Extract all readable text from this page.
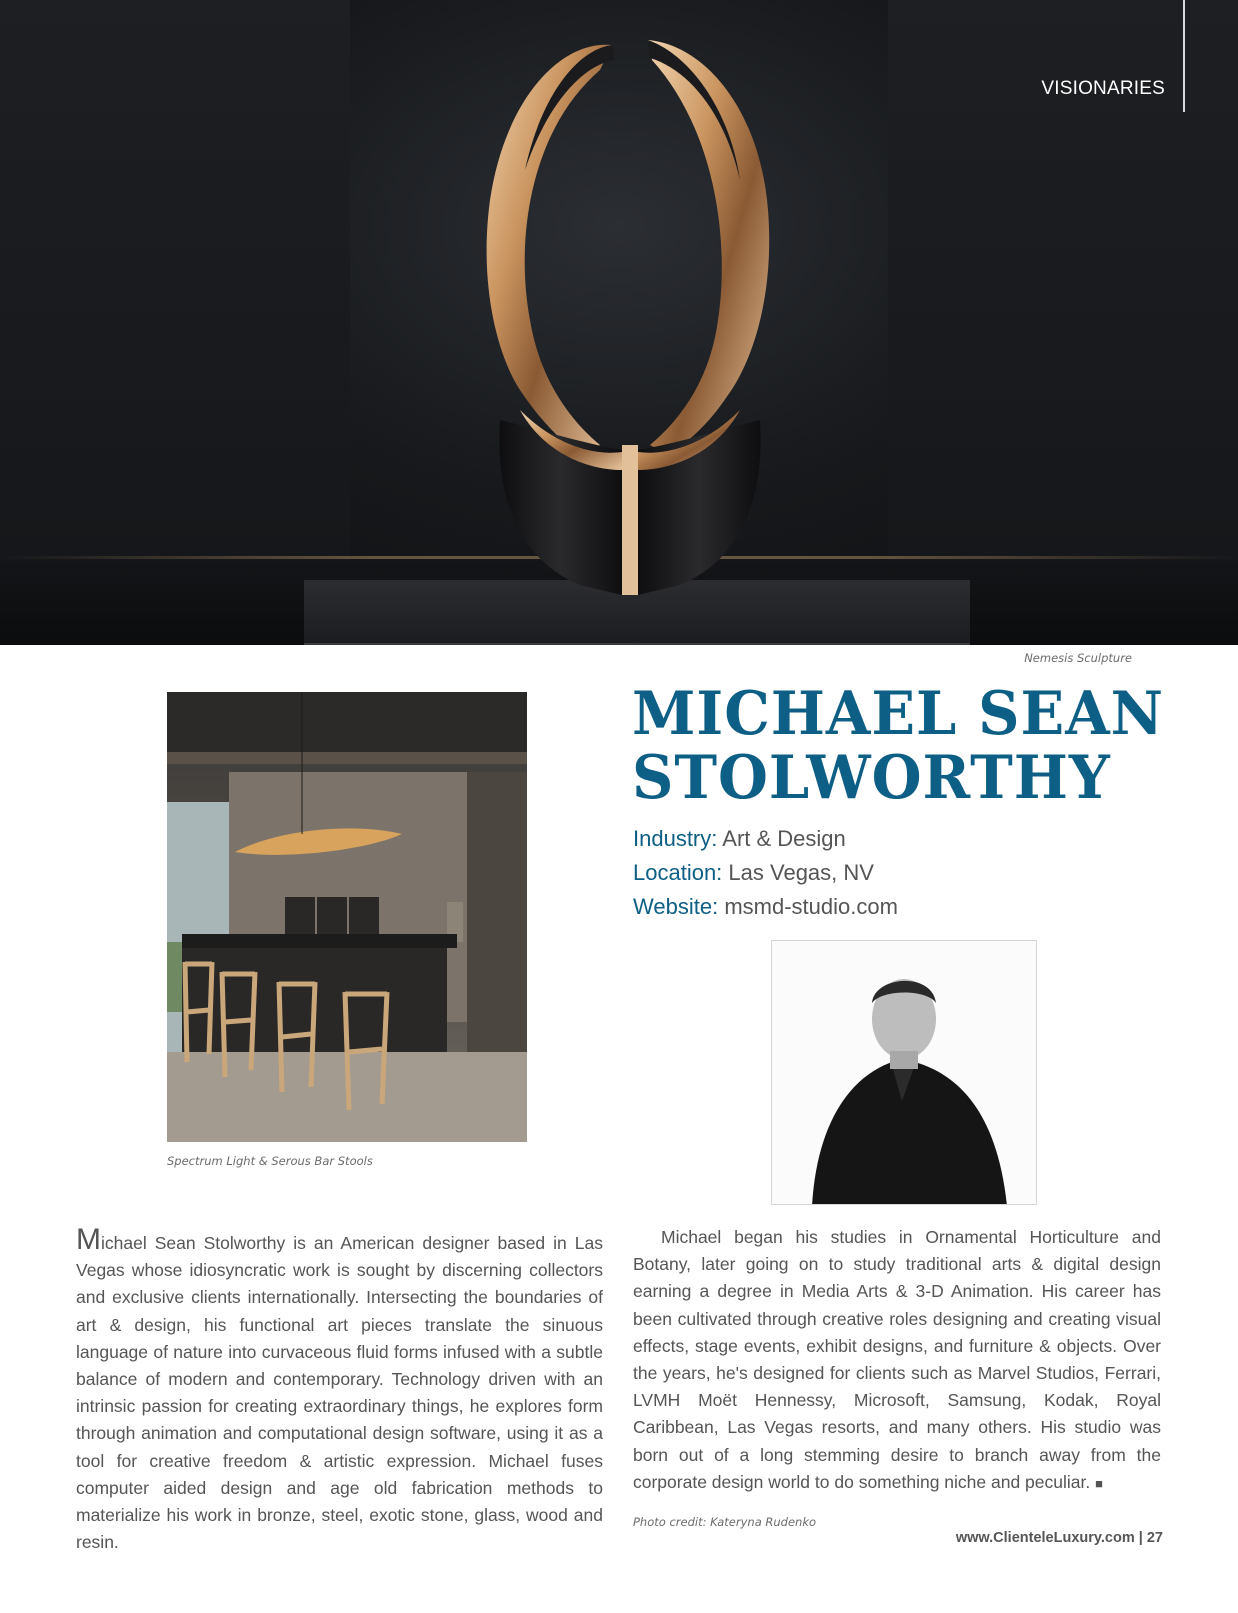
VISIONARIES
Nemesis Sculpture
Spectrum Light & Serous Bar Stools
MICHAEL SEAN
STOLWORTHY
Industry: Art & Design
Location: Las Vegas, NV
Website: msmd-studio.com
Michael Sean Stolworthy is an American designer based in Las Vegas whose idiosyncratic work is sought by discerning collectors and exclusive clients internationally. Intersecting the boundaries of art & design, his functional art pieces translate the sinuous language of nature into curvaceous fluid forms infused with a subtle balance of modern and contemporary. Technology driven with an intrinsic passion for creating extraordinary things, he explores form through animation and computational design software, using it as a tool for creative freedom & artistic expression. Michael fuses computer aided design and age old fabrication methods to materialize his work in bronze, steel, exotic stone, glass, wood and resin.
Michael began his studies in Ornamental Horticulture and Botany, later going on to study traditional arts & digital design earning a degree in Media Arts & 3-D Animation. His career has been cultivated through creative roles designing and creating visual effects, stage events, exhibit designs, and furniture & objects. Over the years, he's designed for clients such as Marvel Studios, Ferrari, LVMH Moët Hennessy, Microsoft, Samsung, Kodak, Royal Caribbean, Las Vegas resorts, and many others. His studio was born out of a long stemming desire to branch away from the corporate design world to do something niche and peculiar. ■
Photo credit: Kateryna Rudenko
www.ClienteleLuxury.com | 27
